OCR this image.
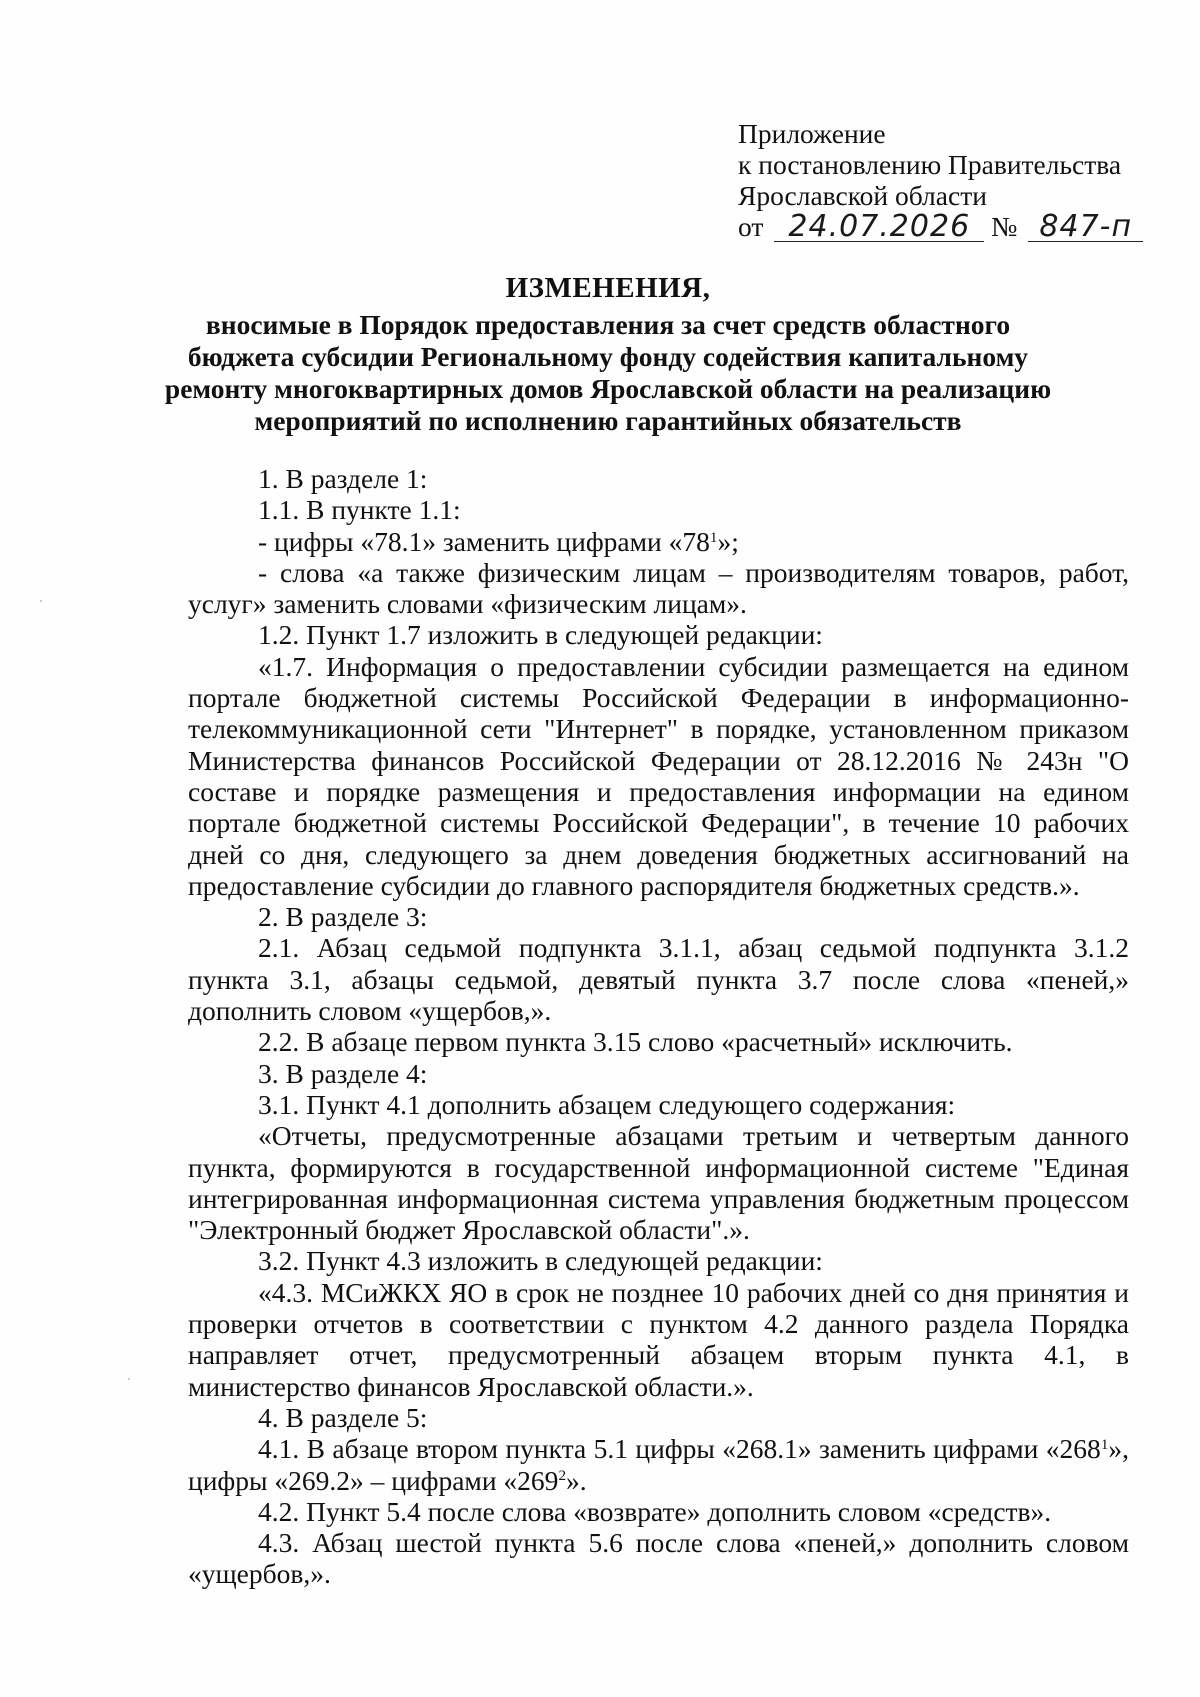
Приложение
к постановлению Правительства
Ярославской области
от 24.07.2026 № 847-п
ИЗМЕНЕНИЯ,
вносимые в Порядок предоставления за счет средств областного
бюджета субсидии Региональному фонду содействия капитальному
ремонту многоквартирных домов Ярославской области на реализацию
мероприятий по исполнению гарантийных обязательств
1. В разделе 1:
1.1. В пункте 1.1:
- цифры «78.1» заменить цифрами «$78^1$»;
- слова «а также физическим лицам – производителям товаров, работ, услуг» заменить словами «физическим лицам».
1.2. Пункт 1.7 изложить в следующей редакции:
«1.7. Информация о предоставлении субсидии размещается на едином портале бюджетной системы Российской Федерации в информационно-телекоммуникационной сети "Интернет" в порядке, установленном приказом Министерства финансов Российской Федерации от 28.12.2016 № 243н "О составе и порядке размещения и предоставления информации на едином портале бюджетной системы Российской Федерации", в течение 10 рабочих дней со дня, следующего за днем доведения бюджетных ассигнований на предоставление субсидии до главного распорядителя бюджетных средств.».
2. В разделе 3:
2.1. Абзац седьмой подпункта 3.1.1, абзац седьмой подпункта 3.1.2 пункта 3.1, абзацы седьмой, девятый пункта 3.7 после слова «пеней,» дополнить словом «ущербов,».
2.2. В абзаце первом пункта 3.15 слово «расчетный» исключить.
3. В разделе 4:
3.1. Пункт 4.1 дополнить абзацем следующего содержания:
«Отчеты, предусмотренные абзацами третьим и четвертым данного пункта, формируются в государственной информационной системе "Единая интегрированная информационная система управления бюджетным процессом "Электронный бюджет Ярославской области".».
3.2. Пункт 4.3 изложить в следующей редакции:
«4.3. МСиЖКХ ЯО в срок не позднее 10 рабочих дней со дня принятия и проверки отчетов в соответствии с пунктом 4.2 данного раздела Порядка направляет отчет, предусмотренный абзацем вторым пункта 4.1, в министерство финансов Ярославской области.».
4. В разделе 5:
4.1. В абзаце втором пункта 5.1 цифры «268.1» заменить цифрами «$268^1$», цифры «269.2» – цифрами «$269^2$».
4.2. Пункт 5.4 после слова «возврате» дополнить словом «средств».
4.3. Абзац шестой пункта 5.6 после слова «пеней,» дополнить словом «ущербов,».
